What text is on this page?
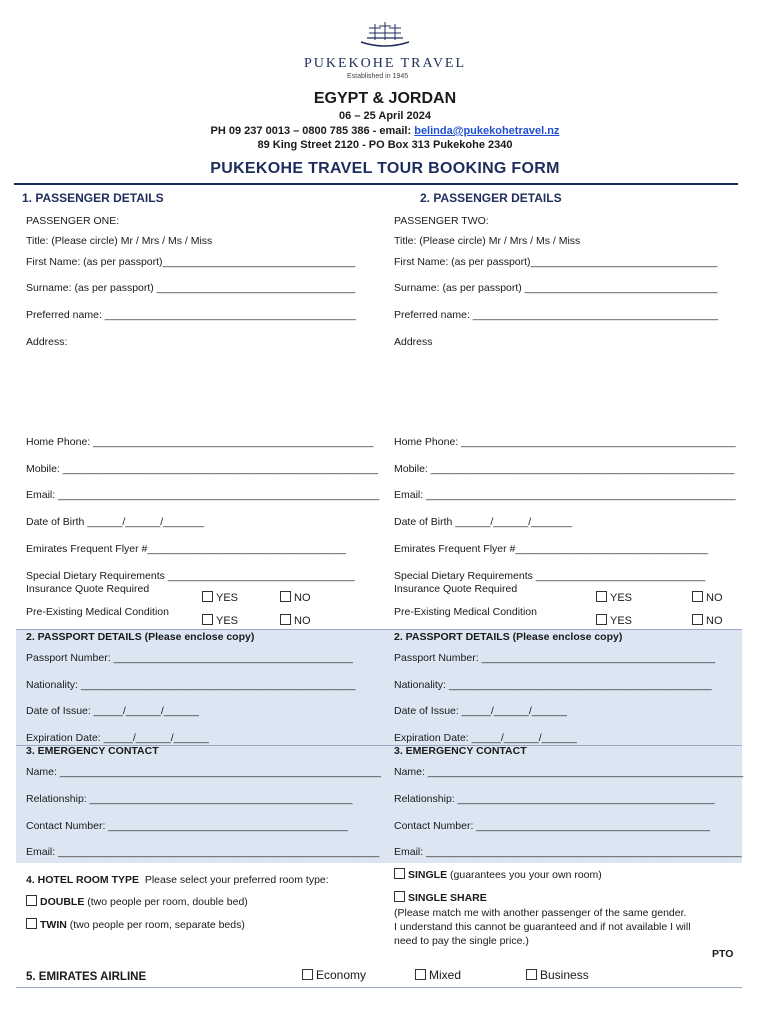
PUKEKOHE TRAVEL
Established in 1945
EGYPT & JORDAN
06 – 25 April 2024
PH 09 237 0013 – 0800 785 386 - email: belinda@pukekohetravel.nz
89 King Street 2120 - PO Box 313 Pukekohe 2340
PUKEKOHE TRAVEL TOUR BOOKING FORM
1. PASSENGER DETAILS	2. PASSENGER DETAILS
PASSENGER ONE:
Title: (Please circle) Mr / Mrs / Ms / Miss
First Name: (as per passport)_________________________________
Surname: (as per passport) __________________________________
Preferred name: ___________________________________________
Address:
Home Phone: ________________________________________________
Mobile: ______________________________________________________
Email: _______________________________________________________
Date of Birth ______/______/_______
Emirates Frequent Flyer #__________________________________
Special Dietary Requirements ________________________________
Insurance Quote Required
Pre-Existing Medical Condition
YES	NO
YES	NO
PASSENGER TWO:
Title: (Please circle) Mr / Mrs / Ms / Miss
First Name: (as per passport)________________________________
Surname: (as per passport) _________________________________
Preferred name: __________________________________________
Address
Home Phone: _______________________________________________
Mobile: ____________________________________________________
Email: _____________________________________________________
Date of Birth ______/______/_______
Emirates Frequent Flyer #_________________________________
Special Dietary Requirements _____________________________
Insurance Quote Required
Pre-Existing Medical Condition
YES	NO
YES	NO
2. PASSPORT DETAILS (Please enclose copy)
Passport Number: _________________________________________
Nationality: _______________________________________________
Date of Issue: _____/______/______
Expiration Date: _____/______/______
2. PASSPORT DETAILS (Please enclose copy)
Passport Number: ________________________________________
Nationality: _____________________________________________
Date of Issue: _____/______/______
Expiration Date: _____/______/______
3. EMERGENCY CONTACT
Name: _______________________________________________________
Relationship: _____________________________________________
Contact Number: _________________________________________
Email: _______________________________________________________
3. EMERGENCY CONTACT
Name: ______________________________________________________
Relationship: ____________________________________________
Contact Number: ________________________________________
Email: ______________________________________________________
4. HOTEL ROOM TYPE Please select your preferred room type:
DOUBLE (two people per room, double bed)
TWIN (two people per room, separate beds)
SINGLE (guarantees you your own room)
SINGLE SHARE
(Please match me with another passenger of the same gender.
I understand this cannot be guaranteed and if not available I will
need to pay the single price.)
PTO
5. EMIRATES AIRLINE	Economy	Mixed	Business
